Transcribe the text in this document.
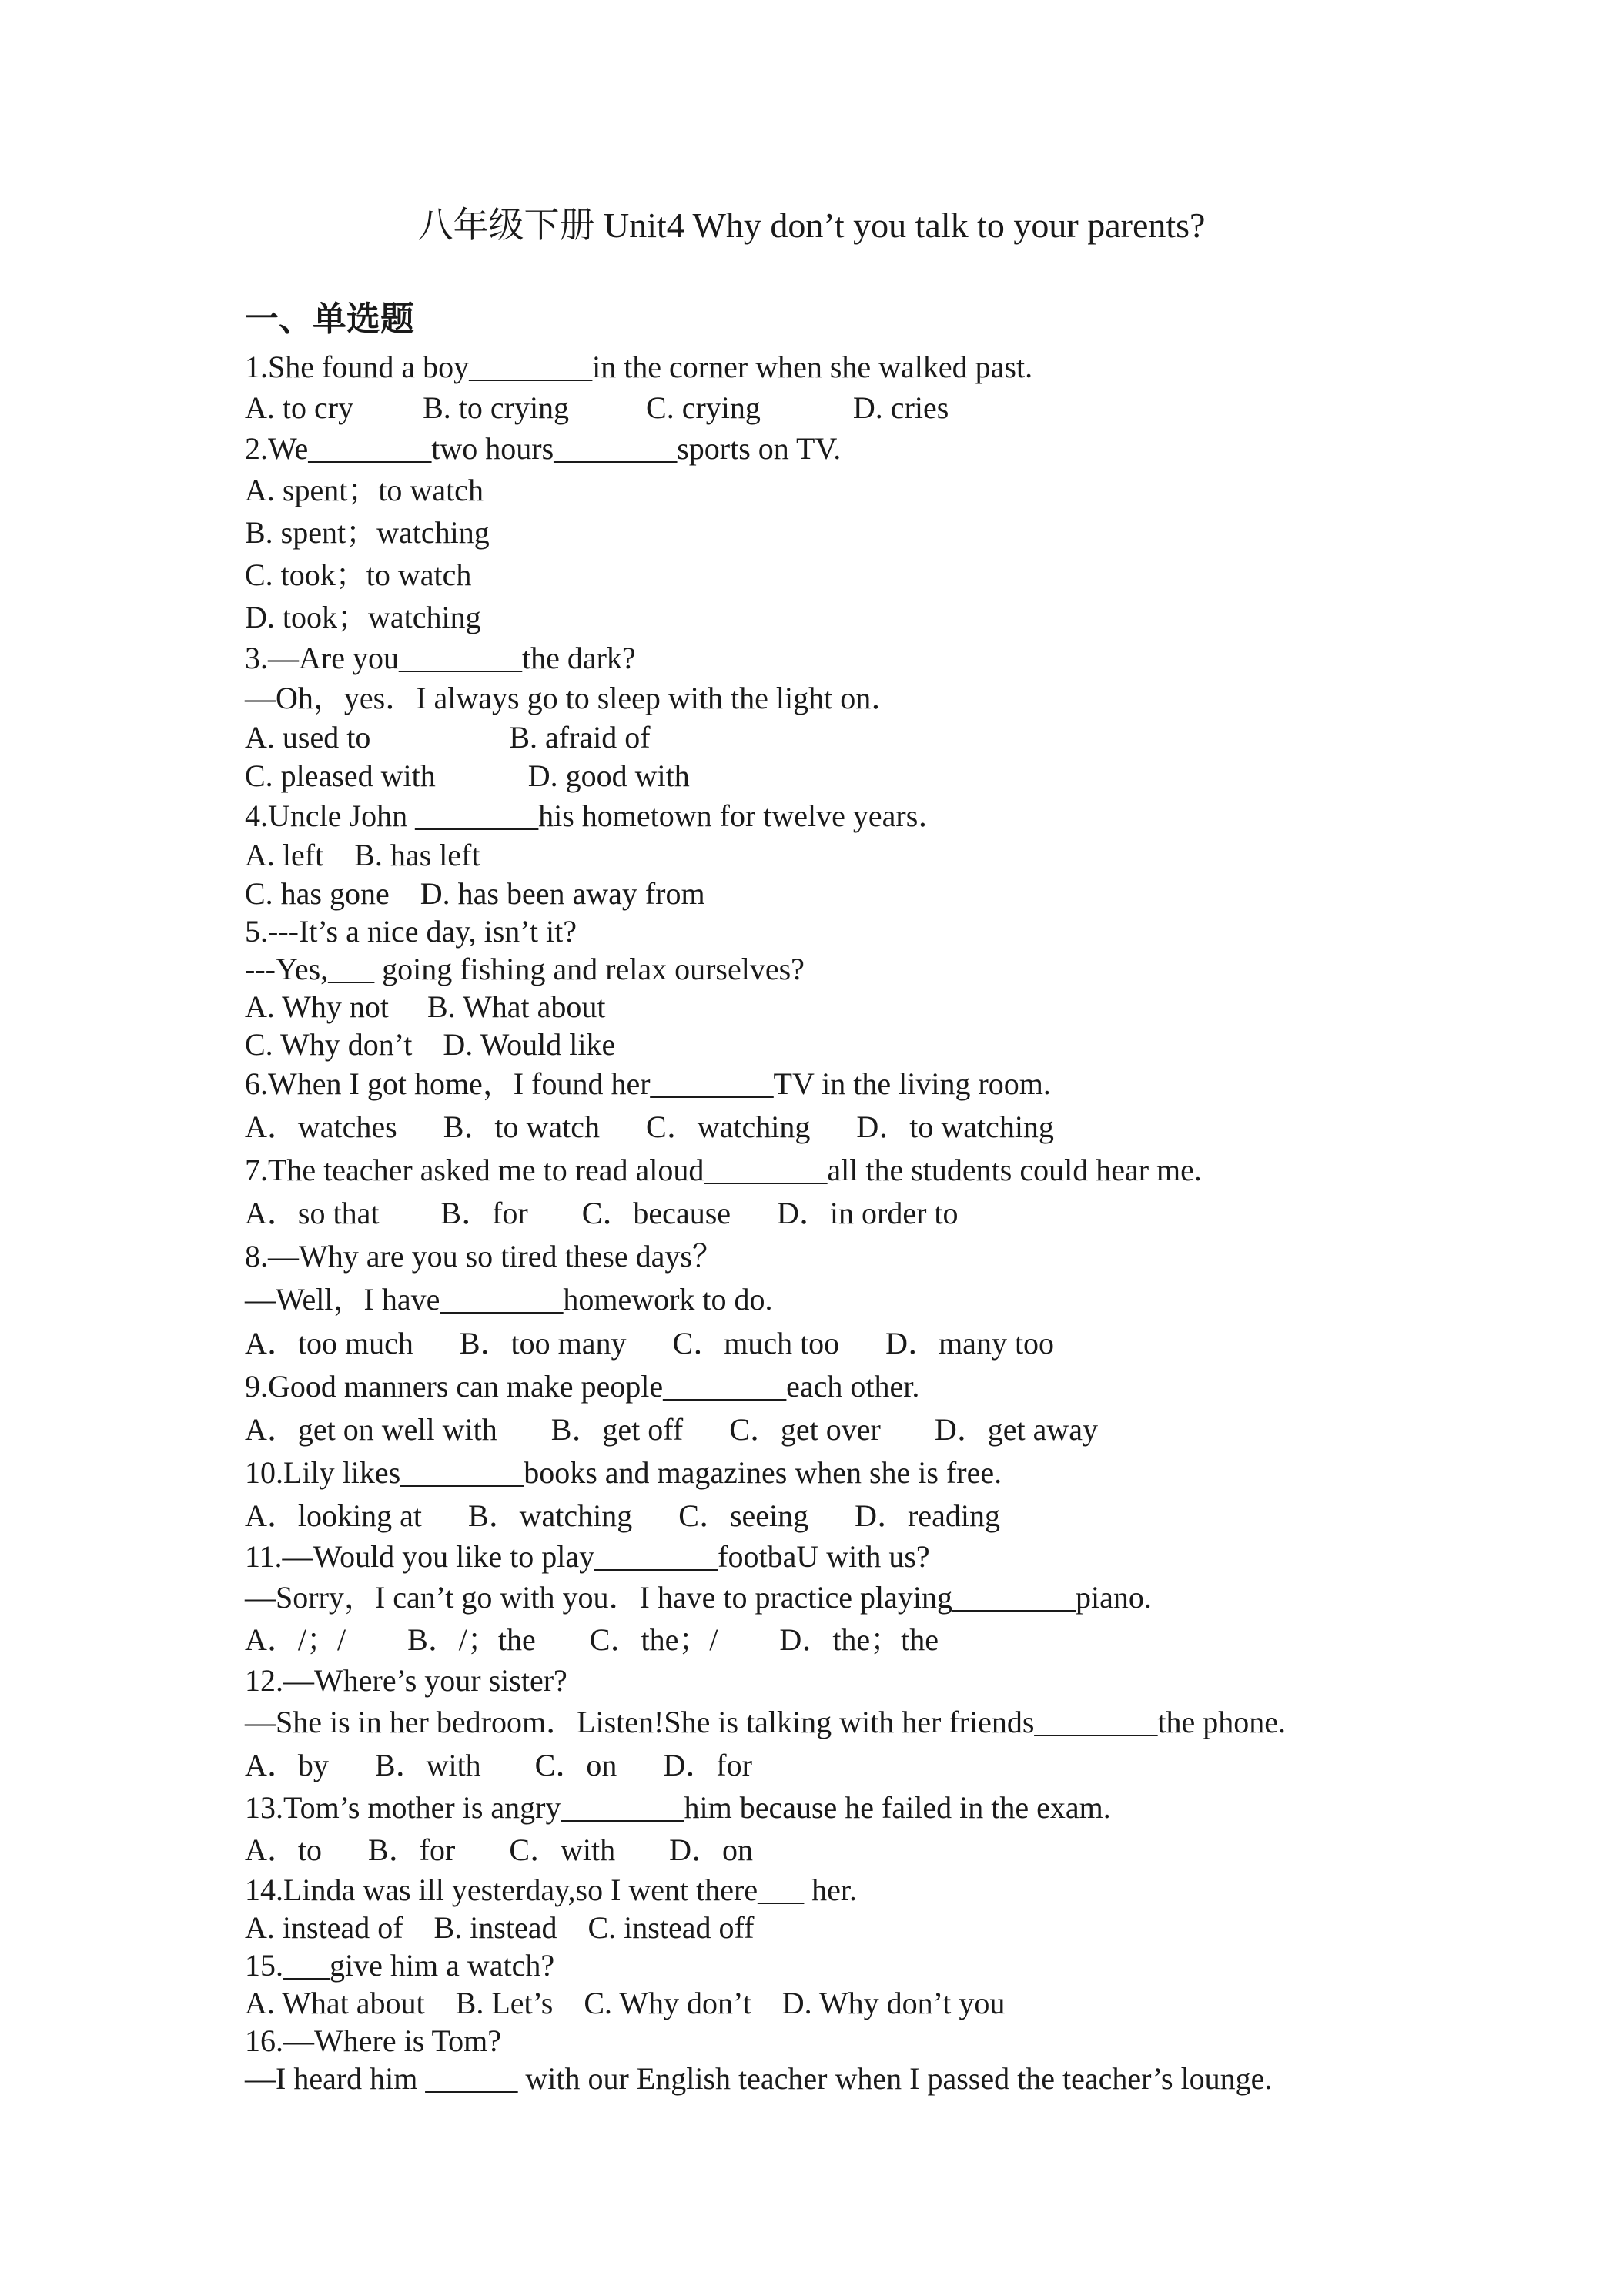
八年级下册 Unit4 Why don’t you talk to your parents?
一、单选题
1.She found a boy________in the corner when she walked past.
A. to cry         B. to crying          C. crying            D. cries
2.We________two hours________sports on TV.
A. spent；to watch
B. spent；watching
C. took；to watch
D. took；watching
3.—Are you________the dark?
—Oh，yes．I always go to sleep with the light on．
A. used to                  B. afraid of
C. pleased with            D. good with
4.Uncle John ________his hometown for twelve years．
A. left    B. has left
C. has gone    D. has been away from
5.---It’s a nice day, isn’t it?
---Yes,___ going fishing and relax ourselves?
A. Why not     B. What about
C. Why don’t    D. Would like
6.When I got home，I found her________TV in the living room.
A．watches      B．to watch      C．watching      D．to watching
7.The teacher asked me to read aloud________all the students could hear me.
A．so that        B．for       C．because      D．in order to
8.—Why are you so tired these days？
—Well，I have________homework to do.
A．too much      B．too many      C．much too      D．many too
9.Good manners can make people________each other.
A．get on well with       B．get off      C．get over       D．get away
10.Lily likes________books and magazines when she is free.
A．looking at      B．watching      C．seeing      D．reading
11.—Would you like to play________footbaU with us?
—Sorry，I can’t go with you．I have to practice playing________piano.
A．/；/        B．/；the       C．the；/        D．the；the
12.—Where’s your sister?
—She is in her bedroom．Listen!She is talking with her friends________the phone.
A．by      B．with       C．on      D．for
13.Tom’s mother is angry________him because he failed in the exam.
A．to      B．for       C．with       D．on
14.Linda was ill yesterday,so I went there___ her.
A. instead of    B. instead    C. instead off
15.___give him a watch?
A. What about    B. Let’s    C. Why don’t    D. Why don’t you
16.—Where is Tom?
—I heard him ______ with our English teacher when I passed the teacher’s lounge.
